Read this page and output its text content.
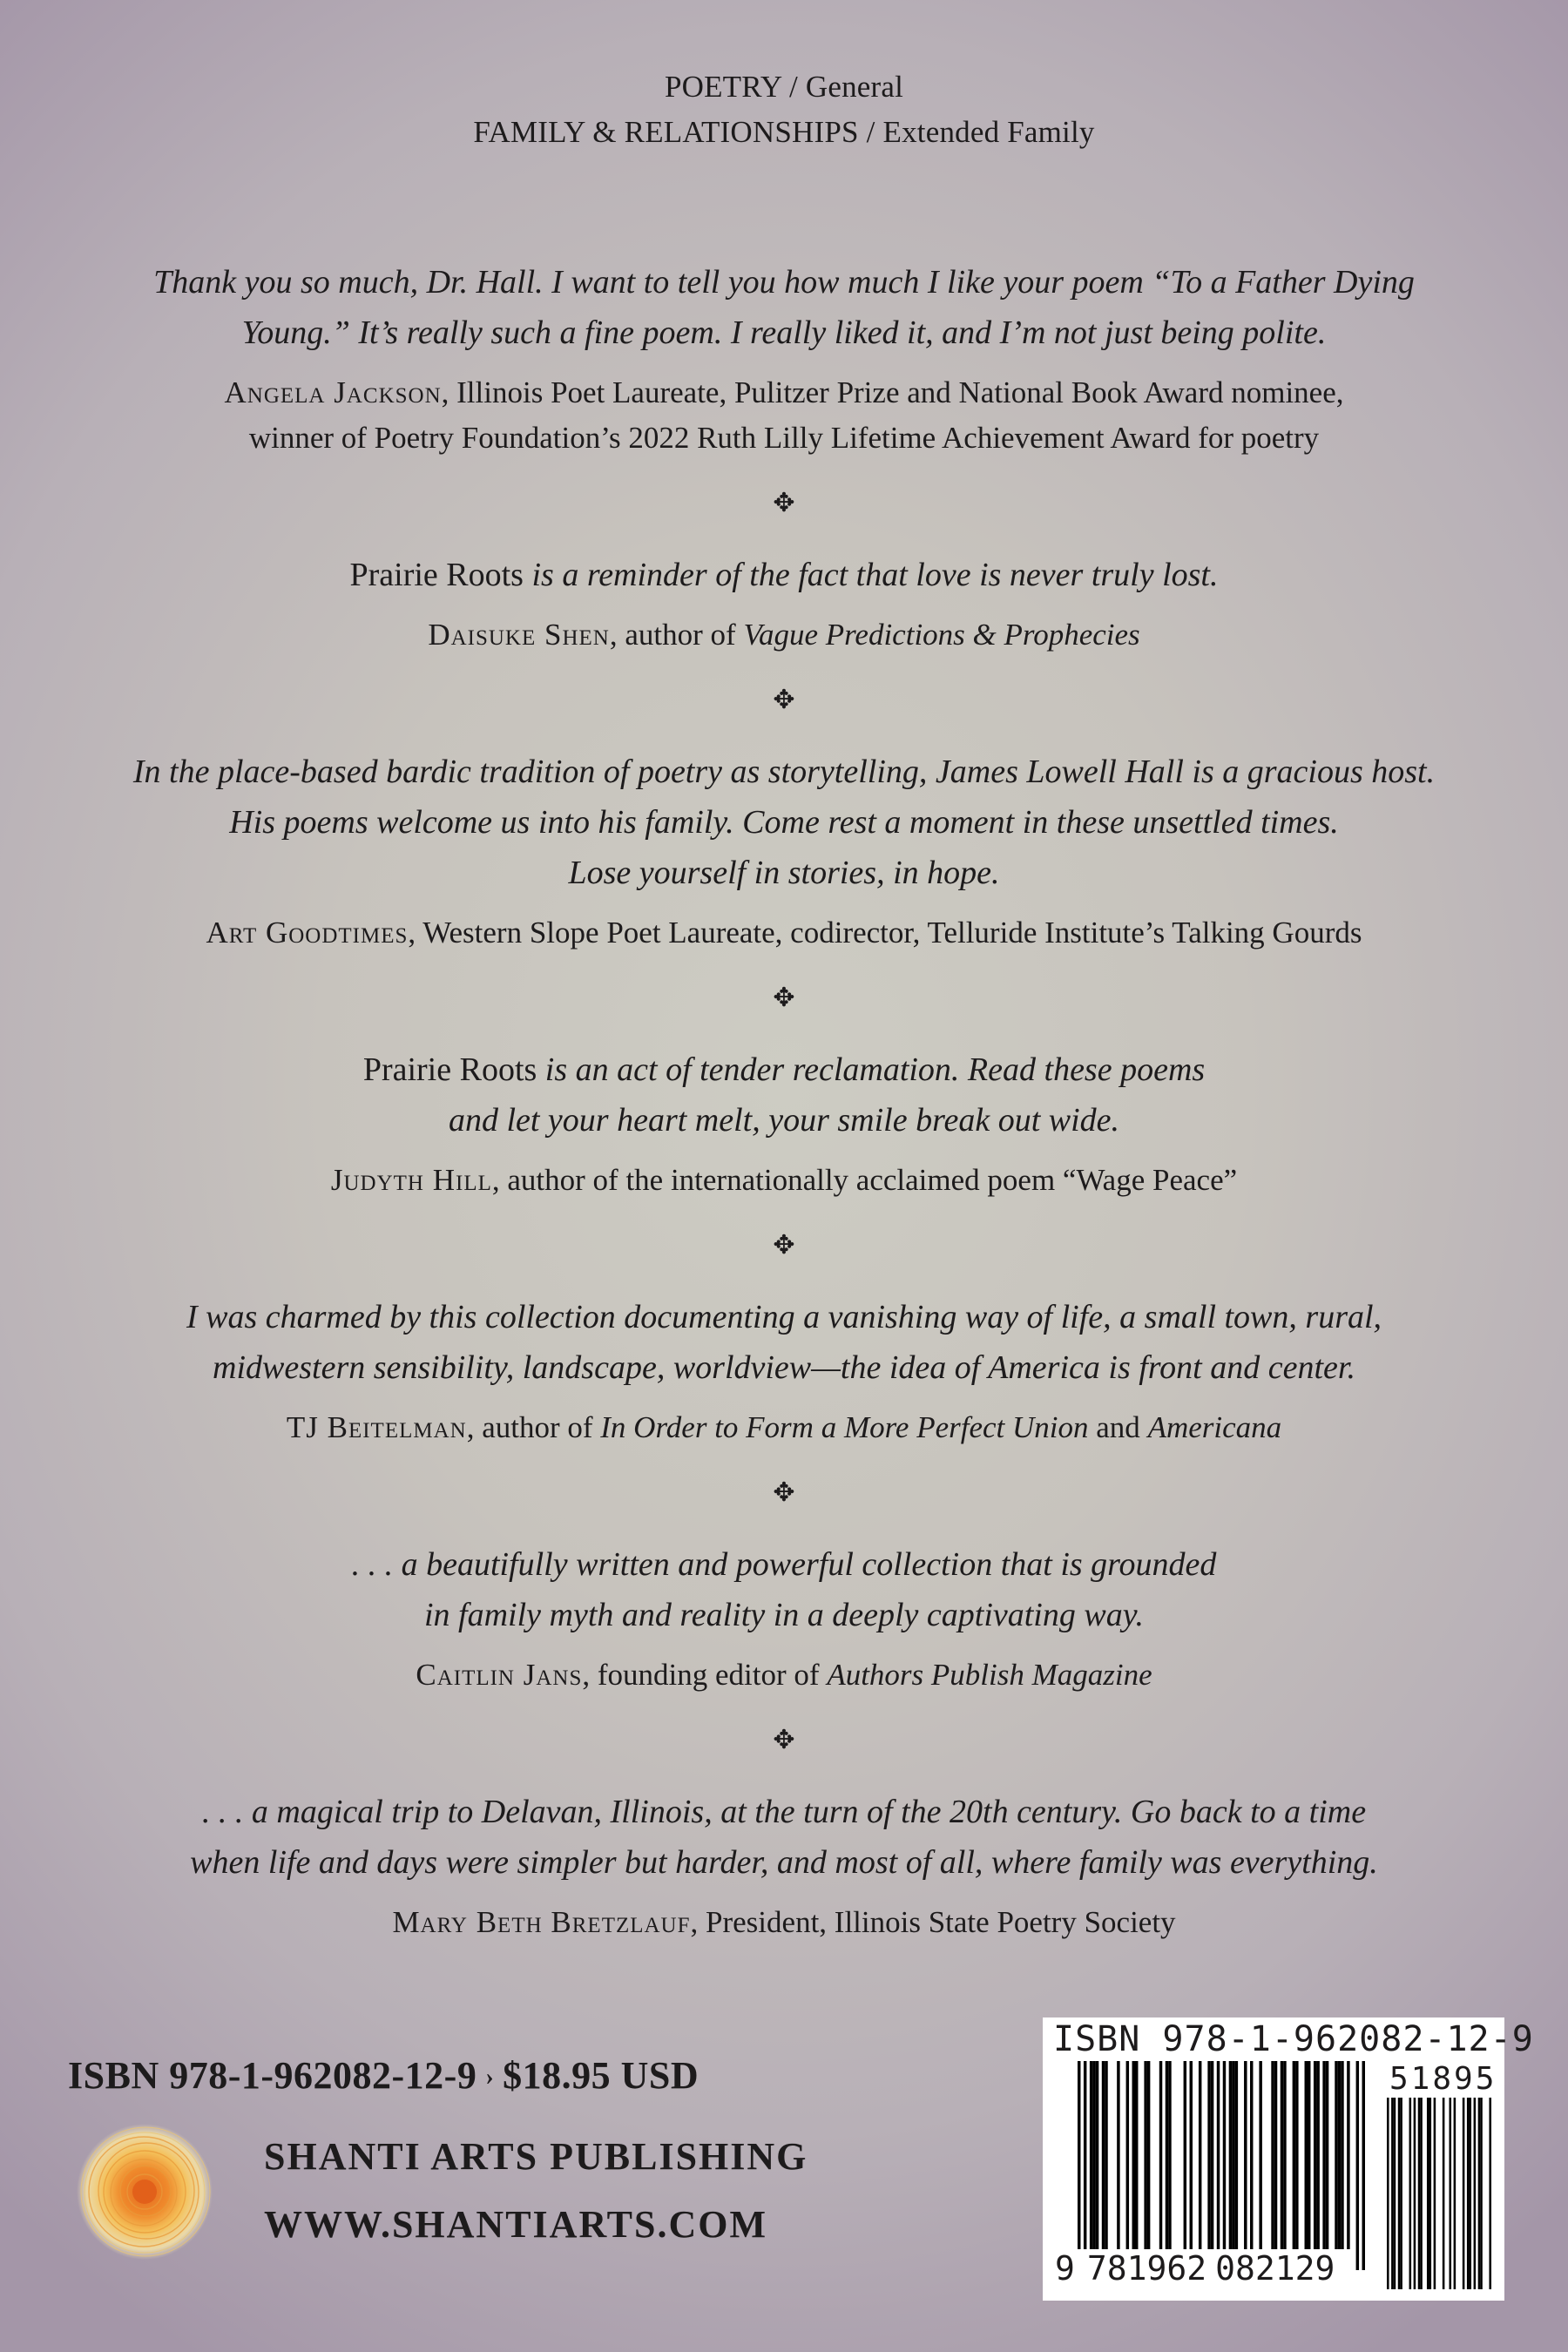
POETRY / General
FAMILY & RELATIONSHIPS / Extended Family

Thank you so much, Dr. Hall. I want to tell you how much I like your poem “To a Father Dying
Young.” It’s really such a fine poem. I really liked it, and I’m not just being polite.

Angela Jackson, Illinois Poet Laureate, Pulitzer Prize and National Book Award nominee,
winner of Poetry Foundation’s 2022 Ruth Lilly Lifetime Achievement Award for poetry
✥

Prairie Roots is a reminder of the fact that love is never truly lost.

Daisuke Shen, author of Vague Predictions & Prophecies
✥

In the place-based bardic tradition of poetry as storytelling, James Lowell Hall is a gracious host.
His poems welcome us into his family. Come rest a moment in these unsettled times.
Lose yourself in stories, in hope.

Art Goodtimes, Western Slope Poet Laureate, codirector, Telluride Institute’s Talking Gourds
✥

Prairie Roots is an act of tender reclamation. Read these poems
and let your heart melt, your smile break out wide.

Judyth Hill, author of the internationally acclaimed poem “Wage Peace”
✥

I was charmed by this collection documenting a vanishing way of life, a small town, rural,
midwestern sensibility, landscape, worldview—the idea of America is front and center.

TJ Beitelman, author of In Order to Form a More Perfect Union and Americana
✥

. . . a beautifully written and powerful collection that is grounded
in family myth and reality in a deeply captivating way.

Caitlin Jans, founding editor of Authors Publish Magazine
✥

. . . a magical trip to Delavan, Illinois, at the turn of the 20th century. Go back to a time
when life and days were simpler but harder, and most of all, where family was everything.

Mary Beth Bretzlauf, President, Illinois State Poetry Society
ISBN 978-1-962082-12-9 › $18.95 USD
SHANTI ARTS PUBLISHING
WWW.SHANTIARTS.COM
ISBN 978-1-962082-12-9
51895
9 781962 082129
